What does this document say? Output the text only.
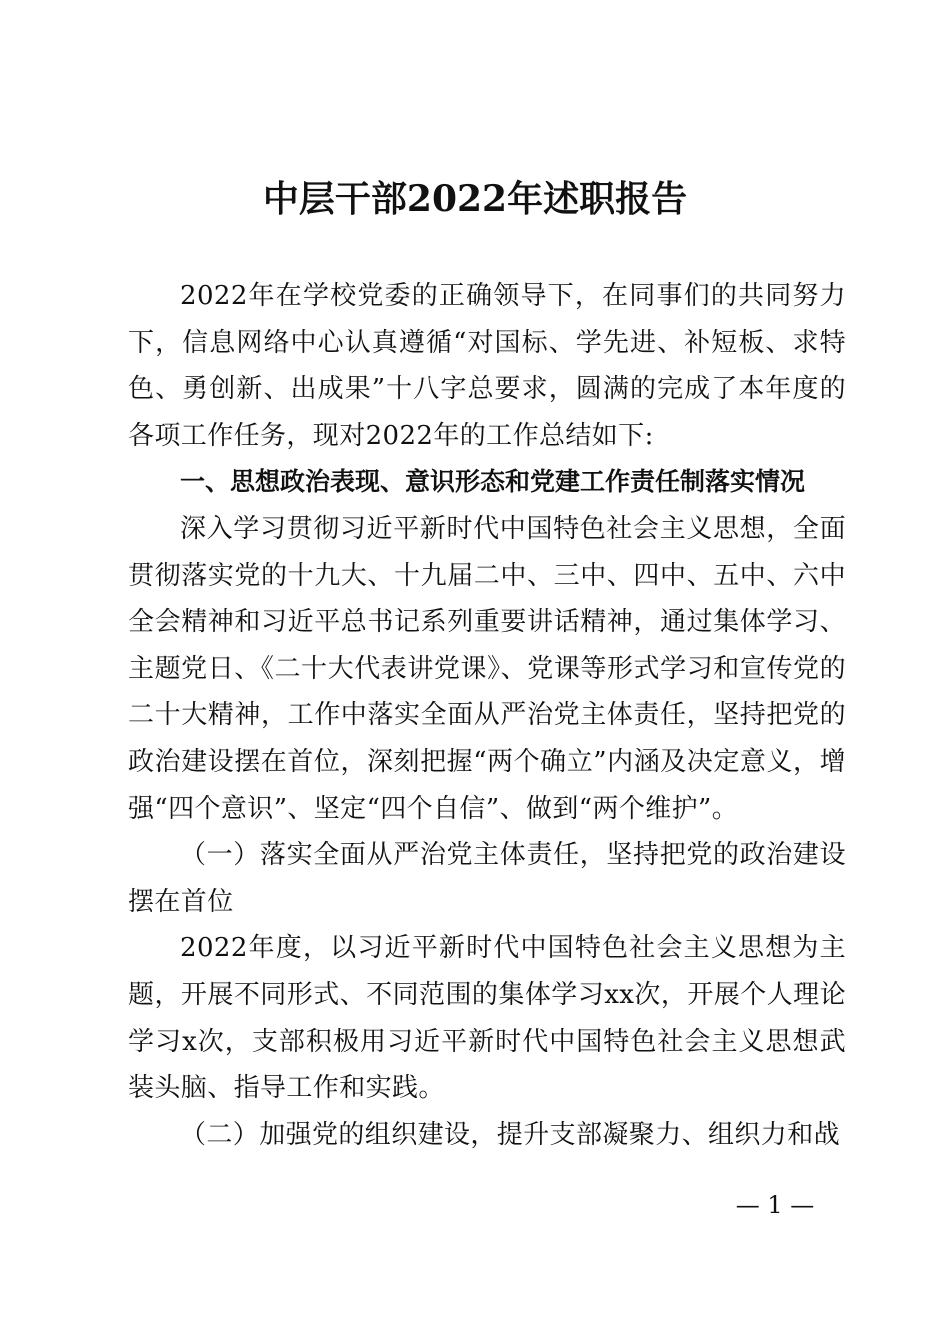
中层干部2022年述职报告

2022年在学校党委的正确领导下，在同事们的共同努力下，信息网络中心认真遵循“对国标、学先进、补短板、求特色、勇创新、出成果”十八字总要求，圆满的完成了本年度的各项工作任务，现对2022年的工作总结如下:

一、思想政治表现、意识形态和党建工作责任制落实情况

深入学习贯彻习近平新时代中国特色社会主义思想，全面贯彻落实党的十九大、十九届二中、三中、四中、五中、六中全会精神和习近平总书记系列重要讲话精神，通过集体学习、主题党日、《二十大代表讲党课》、党课等形式学习和宣传党的二十大精神，工作中落实全面从严治党主体责任，坚持把党的政治建设摆在首位，深刻把握“两个确立”内涵及决定意义，增强“四个意识”、坚定“四个自信”、做到“两个维护”。

（一）落实全面从严治党主体责任，坚持把党的政治建设摆在首位

2022年度，以习近平新时代中国特色社会主义思想为主题，开展不同形式、不同范围的集体学习xx次，开展个人理论学习x次，支部积极用习近平新时代中国特色社会主义思想武装头脑、指导工作和实践。

（二）加强党的组织建设，提升支部凝聚力、组织力和战

— 1 —
